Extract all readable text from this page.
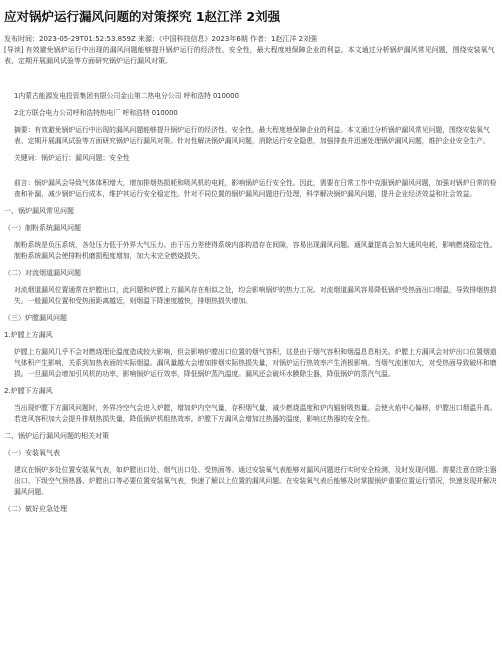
应对锅炉运行漏风问题的对策探究 1赵江洋 2刘强
发布时间：2023-05-29T01:52:53.859Z 来源：《中国科技信息》2023年6期 作者：1赵江洋 2刘强
[导读] 有效避免锅炉运行中出现的漏风问题能够提升锅炉运行的经济性、安全性，最大程度地保障企业的利益。本文通过分析锅炉漏风常见问题，围绕安装氧气表、定期开展漏风试验等方面研究锅炉运行漏风对策。

1内蒙古能源发电投资集团有限公司金山第二热电分公司 呼和浩特 010000

2北方联合电力公司呼和浩特热电厂 呼和浩特 010000

摘要：有效避免锅炉运行中出现的漏风问题能够提升锅炉运行的经济性、安全性，最大程度地保障企业的利益。本文通过分析锅炉漏风常见问题，围绕安装氧气表、定期开展漏风试验等方面研究锅炉运行漏风对策。针对性解决锅炉漏风问题，消除运行安全隐患，加强排查并迅速处理锅炉漏风问题，维护企业安全生产。

关键词：锅炉运行；漏风问题；安全性

前言：锅炉漏风会导致气体体积增大，增加排烟热损耗和吸风机的电耗，影响锅炉运行安全性。因此，需要在日常工作中克服锅炉漏风问题，加强对锅炉日常的检查和补漏，减少锅炉运行成本，维护其运行安全稳定性。针对不同位置的锅炉漏风问题进行处理，科学解决锅炉漏风问题，提升企业经济效益和社会效益。

一、锅炉漏风常见问题

（一）制粉系统漏风问题

制粉系统是负压系统，各处压力低于外界大气压力。由于压力差使得系统内部构造存在间隙，容易出现漏风问题。通风量提高会加大通风电耗，影响燃烧稳定性。制粉系统漏风会使排粉机磨损程度增加，加大未完全燃烧损失。

（二）对流烟道漏风问题

对流烟道漏风位置通常在炉膛出口，此问题和炉膛上方漏风存在相似之处，均会影响锅炉的热力工况。对流烟道漏风容易降低锅炉受热面出口烟温，导致排烟热损失。一般漏风位置和受热面距离越近，则烟温下降速度越快，排烟热损失增加。

（三）炉膛漏风问题

1.炉膛上方漏风

炉膛上方漏风几乎不会对燃烧理论温度造成较大影响，但会影响炉膛出口位置的烟气容积，这是由于烟气容积和烟温息息相关。炉膛上方漏风会对炉出口位置烟道气体积产生影响，关系到加热表面的实际烟温。漏风量越大会增加排烟实际热损失量，对锅炉运行热效率产生消极影响。当烟气流速加大，对受热面导致破坏和磨损。一旦漏风会增加引风机的功率，影响锅炉运行效率，降低锅炉蒸汽温度。漏风还会破坏水膜除尘器，降低锅炉的蒸汽气温。

2.炉膛下方漏风

当出现炉膛下方漏风问题时，外界冷空气会进入炉膛，增加炉内空气量，存积烟气量，减少燃烧温度和炉内辐射吸热量。会使火焰中心偏移，炉膛出口烟温升高。若进风容积加大会提升排烟热损失量，降低锅炉机组热效率。炉膛下方漏风会增加过热器的温度，影响过热器的安全性。

二、锅炉运行漏风问题的相关对策

（一）安装氧气表

建议在锅炉多处位置安装氧气表，如炉膛出口处、烟气出口处、受热面等。通过安装氧气表能够对漏风问题进行实时安全检测，及时发现问题。需要注意在除尘器出口、下级空气预热器、炉膛出口等必要位置安装氧气表，快速了解以上位置的漏风问题。在安装氧气表后能够及时掌握锅炉重要位置运行情况，快速发现并解决漏风问题。

（二）做好应急处理
